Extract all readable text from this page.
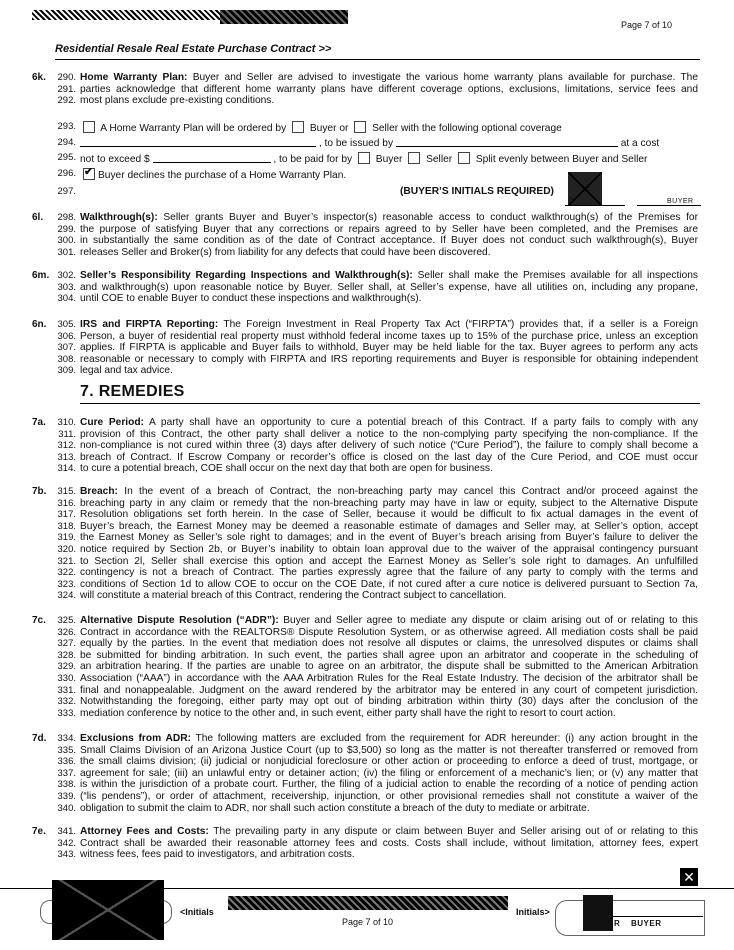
Page 7 of 10
Residential Resale Real Estate Purchase Contract >>
6k.	290. Home Warranty Plan: Buyer and Seller are advised to investigate the various home warranty plans available for purchase. The
291. parties acknowledge that different home warranty plans have different coverage options, exclusions, limitations, service fees and
292. most plans exclude pre-existing conditions.
6l.	298. Walkthrough(s): Seller grants Buyer and Buyer’s inspector(s) reasonable access to conduct walkthrough(s) of the Premises for
299. the purpose of satisfying Buyer that any corrections or repairs agreed to by Seller have been completed, and the Premises are
300. in substantially the same condition as of the date of Contract acceptance. If Buyer does not conduct such walkthrough(s), Buyer
301. releases Seller and Broker(s) from liability for any defects that could have been discovered.
6m. 302. Seller’s Responsibility Regarding Inspections and Walkthrough(s): Seller shall make the Premises available for all inspections
303. and walkthrough(s) upon reasonable notice by Buyer. Seller shall, at Seller’s expense, have all utilities on, including any propane,
304. until COE to enable Buyer to conduct these inspections and walkthrough(s).
6n.	305. IRS and FIRPTA Reporting: The Foreign Investment in Real Property Tax Act (“FIRPTA”) provides that, if a seller is a Foreign
306. Person, a buyer of residential real property must withhold federal income taxes up to 15% of the purchase price, unless an exception
307. applies. If FIRPTA is applicable and Buyer fails to withhold, Buyer may be held liable for the tax. Buyer agrees to perform any acts
308. reasonable or necessary to comply with FIRPTA and IRS reporting requirements and Buyer is responsible for obtaining independent
309. legal and tax advice.
7a.	310. Cure Period: A party shall have an opportunity to cure a potential breach of this Contract. If a party fails to comply with any
311. provision of this Contract, the other party shall deliver a notice to the non-complying party specifying the non-compliance. If the
312. non-compliance is not cured within three (3) days after delivery of such notice (“Cure Period”), the failure to comply shall become a
313. breach of Contract. If Escrow Company or recorder’s office is closed on the last day of the Cure Period, and COE must occur
314. to cure a potential breach, COE shall occur on the next day that both are open for business.
7b.	315. Breach: In the event of a breach of Contract, the non-breaching party may cancel this Contract and/or proceed against the
316. breaching party in any claim or remedy that the non-breaching party may have in law or equity, subject to the Alternative Dispute
317. Resolution obligations set forth herein. In the case of Seller, because it would be difficult to fix actual damages in the event of
318. Buyer’s breach, the Earnest Money may be deemed a reasonable estimate of damages and Seller may, at Seller’s option, accept
319. the Earnest Money as Seller’s sole right to damages; and in the event of Buyer’s breach arising from Buyer’s failure to deliver the
320. notice required by Section 2b, or Buyer’s inability to obtain loan approval due to the waiver of the appraisal contingency pursuant
321. to Section 2l, Seller shall exercise this option and accept the Earnest Money as Seller’s sole right to damages. An unfulfilled
322. contingency is not a breach of Contract. The parties expressly agree that the failure of any party to comply with the terms and
323. conditions of Section 1d to allow COE to occur on the COE Date, if not cured after a cure notice is delivered pursuant to Section 7a,
324. will constitute a material breach of this Contract, rendering the Contract subject to cancellation.
7c.	325. Alternative Dispute Resolution (“ADR”): Buyer and Seller agree to mediate any dispute or claim arising out of or relating to this
326. Contract in accordance with the REALTORS® Dispute Resolution System, or as otherwise agreed. All mediation costs shall be paid
327. equally by the parties. In the event that mediation does not resolve all disputes or claims, the unresolved disputes or claims shall
328. be submitted for binding arbitration. In such event, the parties shall agree upon an arbitrator and cooperate in the scheduling of
329. an arbitration hearing. If the parties are unable to agree on an arbitrator, the dispute shall be submitted to the American Arbitration
330. Association (“AAA”) in accordance with the AAA Arbitration Rules for the Real Estate Industry. The decision of the arbitrator shall be
331. final and nonappealable. Judgment on the award rendered by the arbitrator may be entered in any court of competent jurisdiction.
332. Notwithstanding the foregoing, either party may opt out of binding arbitration within thirty (30) days after the conclusion of the
333. mediation conference by notice to the other and, in such event, either party shall have the right to resort to court action.
7d.	334. Exclusions from ADR: The following matters are excluded from the requirement for ADR hereunder: (i) any action brought in the
335. Small Claims Division of an Arizona Justice Court (up to $3,500) so long as the matter is not thereafter transferred or removed from
336. the small claims division; (ii) judicial or nonjudicial foreclosure or other action or proceeding to enforce a deed of trust, mortgage, or
337. agreement for sale; (iii) an unlawful entry or detainer action; (iv) the filing or enforcement of a mechanic’s lien; or (v) any matter that
338. is within the jurisdiction of a probate court. Further, the filing of a judicial action to enable the recording of a notice of pending action
339. (“lis pendens”), or order of attachment, receivership, injunction, or other provisional remedies shall not constitute a waiver of the
340. obligation to submit the claim to ADR, nor shall such action constitute a breach of the duty to mediate or arbitrate.
7e.	341. Attorney Fees and Costs: The prevailing party in any dispute or claim between Buyer and Seller arising out of or relating to this
342. Contract shall be awarded their reasonable attorney fees and costs. Costs shall include, without limitation, attorney fees, expert
343. witness fees, fees paid to investigators, and arbitration costs.
293.	A Home Warranty Plan will be ordered by Buyer or Seller with the following optional coverage
294.	, to be issued by	at a cost
295. not to exceed $	, to be paid for by Buyer Seller Split evenly between Buyer and Seller
296.
✔	Buyer declines the purchase of a Home Warranty Plan.
297.	(BUYER’S INITIALS REQUIRED)
B	BUYER
7. REMEDIES
✕
<Initials
Page 7 of 10
Initials>
R BUYER
